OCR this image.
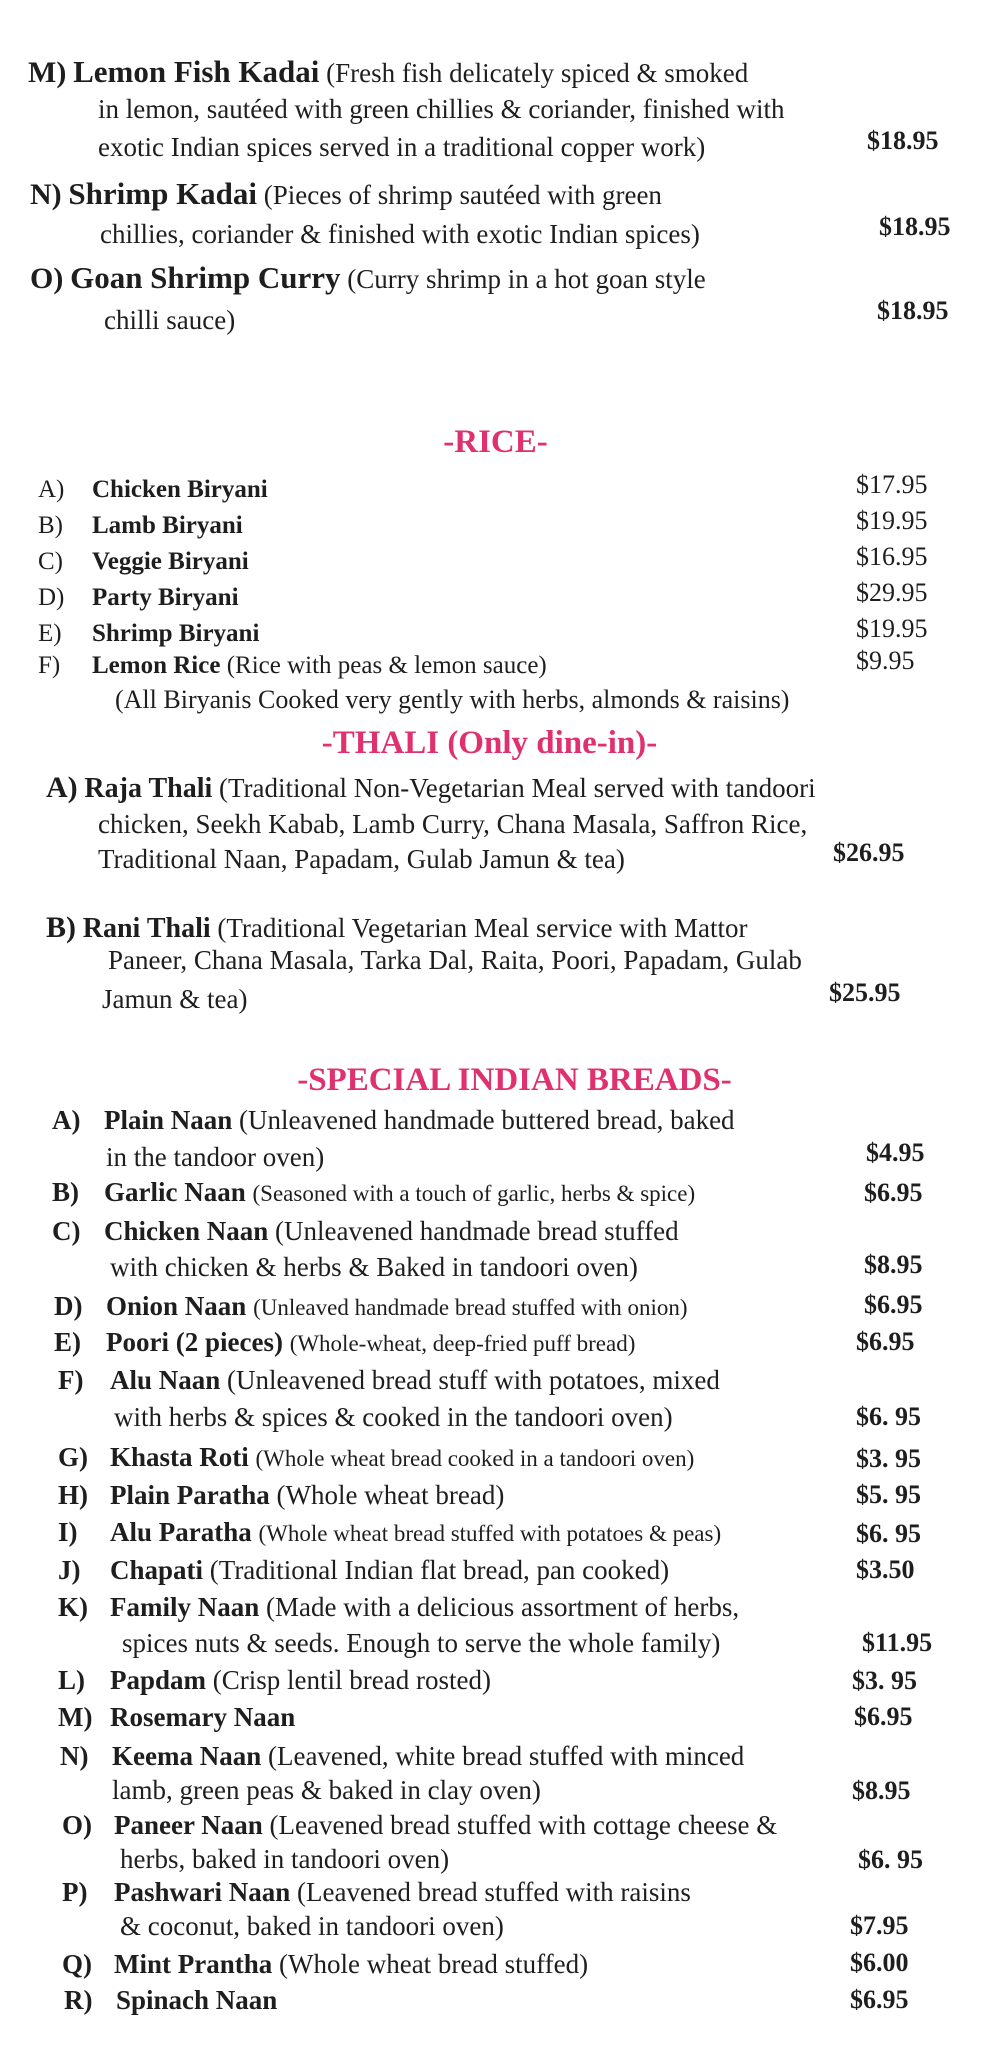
M) Lemon Fish Kadai (Fresh fish delicately spiced & smoked
in lemon, sautéed with green chillies & coriander, finished with
exotic Indian spices served in a traditional copper work)	$18.95
N) Shrimp Kadai (Pieces of shrimp sautéed with green
chillies, coriander & finished with exotic Indian spices)	$18.95
O) Goan Shrimp Curry (Curry shrimp in a hot goan style
chilli sauce)	$18.95
-RICE-
A) Chicken Biryani	$17.95
B) Lamb Biryani	$19.95
C) Veggie Biryani	$16.95
D) Party Biryani	$29.95
E) Shrimp Biryani	$19.95
F) Lemon Rice (Rice with peas & lemon sauce)	$9.95
(All Biryanis Cooked very gently with herbs, almonds & raisins)
-THALI (Only dine-in)-
A) Raja Thali (Traditional Non-Vegetarian Meal served with tandoori
chicken, Seekh Kabab, Lamb Curry, Chana Masala, Saffron Rice,
Traditional Naan, Papadam, Gulab Jamun & tea)	$26.95
B) Rani Thali (Traditional Vegetarian Meal service with Mattor
Paneer, Chana Masala, Tarka Dal, Raita, Poori, Papadam, Gulab
Jamun & tea)	$25.95
-SPECIAL INDIAN BREADS-
A) Plain Naan (Unleavened handmade buttered bread, baked
in the tandoor oven)	$4.95
B) Garlic Naan (Seasoned with a touch of garlic, herbs & spice)	$6.95
C) Chicken Naan (Unleavened handmade bread stuffed
with chicken & herbs & Baked in tandoori oven)	$8.95
D) Onion Naan (Unleaved handmade bread stuffed with onion)	$6.95
E) Poori (2 pieces) (Whole-wheat, deep-fried puff bread)	$6.95
F) Alu Naan (Unleavened bread stuff with potatoes, mixed
with herbs & spices & cooked in the tandoori oven)	$6. 95
G) Khasta Roti (Whole wheat bread cooked in a tandoori oven)	$3. 95
H) Plain Paratha (Whole wheat bread)	$5. 95
I) Alu Paratha (Whole wheat bread stuffed with potatoes & peas)	$6. 95
J) Chapati (Traditional Indian flat bread, pan cooked)	$3.50
K) Family Naan (Made with a delicious assortment of herbs,
spices nuts & seeds. Enough to serve the whole family)	$11.95
L) Papdam (Crisp lentil bread rosted)	$3. 95
M) Rosemary Naan	$6.95
N) Keema Naan (Leavened, white bread stuffed with minced
lamb, green peas & baked in clay oven)	$8.95
O) Paneer Naan (Leavened bread stuffed with cottage cheese &
herbs, baked in tandoori oven)	$6. 95
P) Pashwari Naan (Leavened bread stuffed with raisins
& coconut, baked in tandoori oven)	$7.95
Q) Mint Prantha (Whole wheat bread stuffed)	$6.00
R) Spinach Naan	$6.95
